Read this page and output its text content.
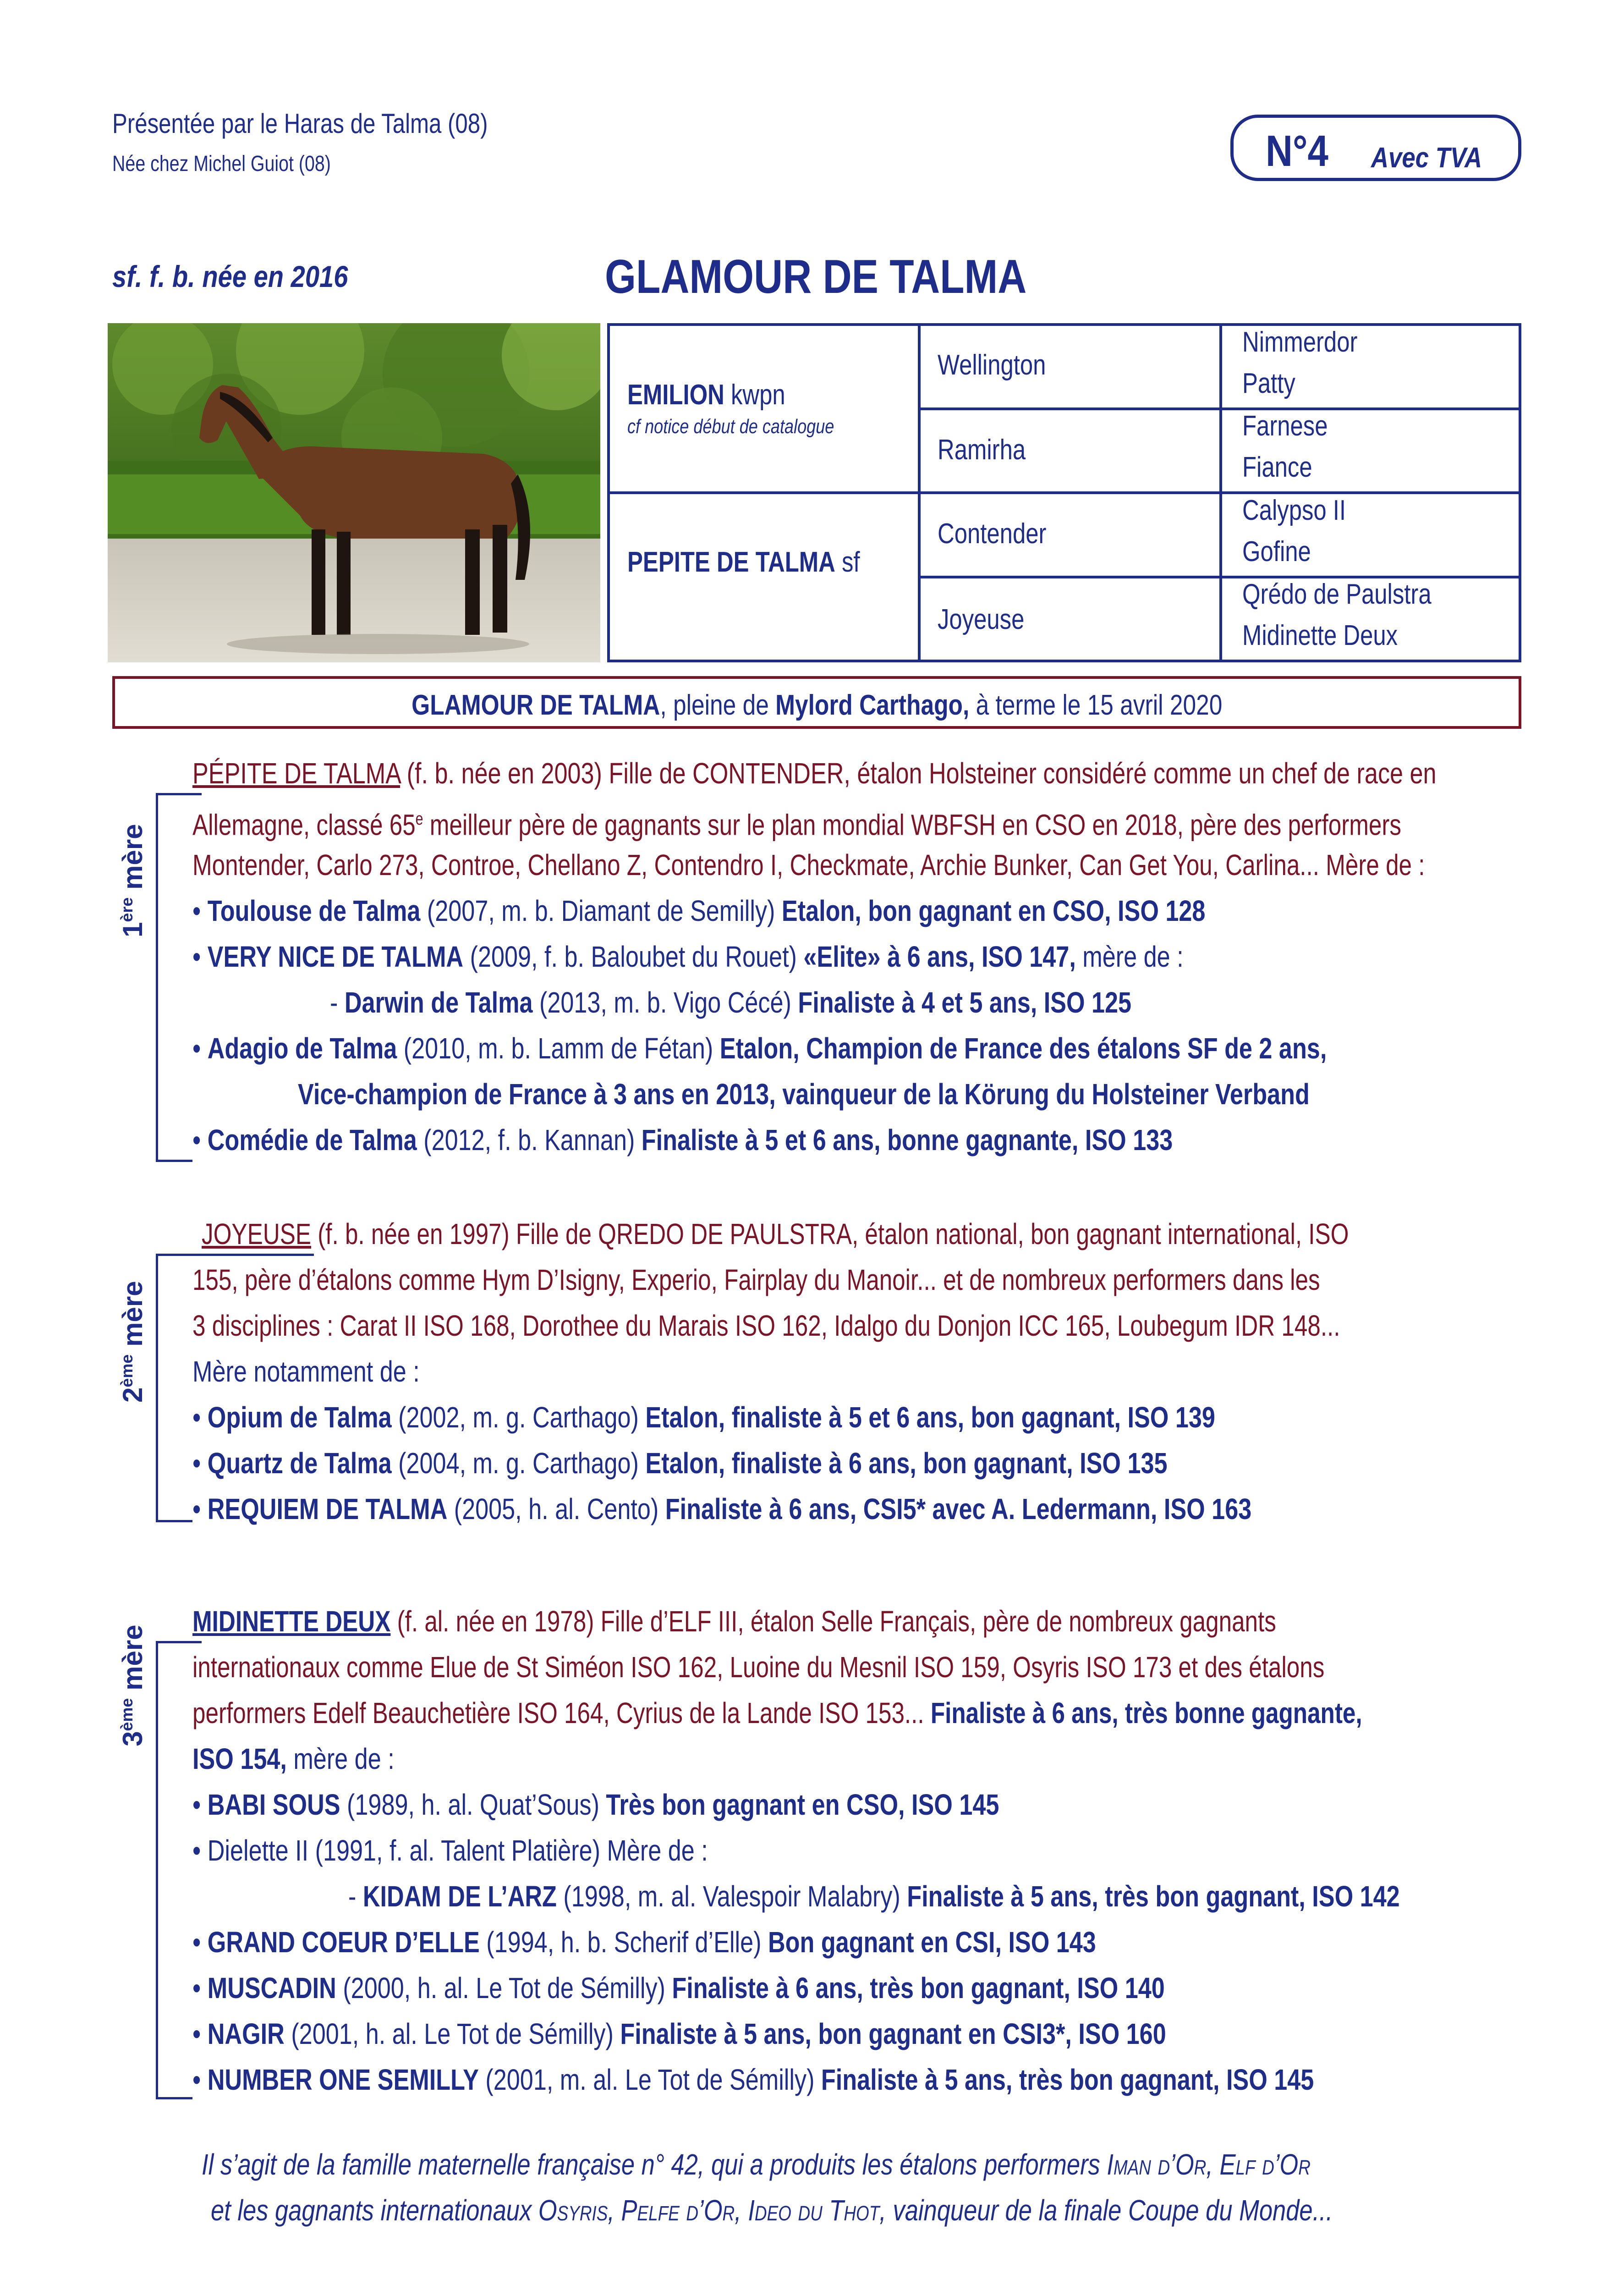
Présentée par le Haras de Talma (08)
Née chez Michel Guiot (08)	N°4 Avec TVA
sf. f. b. née en 2016	GLAMOUR DE TALMA
EMILION kwpn
cf notice début de catalogue
PEPITE DE TALMA sf
Wellington
Ramirha
Contender
Joyeuse
Nimmerdor
Patty
Farnese
Fiance
Calypso II
Gofine
Qrédo de Paulstra
Midinette Deux
GLAMOUR DE TALMA, pleine de Mylord Carthago, à terme le 15 avril 2020
1ère mère
PÉPITE DE TALMA (f. b. née en 2003) Fille de CONTENDER, étalon Holsteiner considéré comme un chef de race en
Allemagne, classé 65e meilleur père de gagnants sur le plan mondial WBFSH en CSO en 2018, père des performers
Montender, Carlo 273, Controe, Chellano Z, Contendro I, Checkmate, Archie Bunker, Can Get You, Carlina... Mère de :
• Toulouse de Talma (2007, m. b. Diamant de Semilly) Etalon, bon gagnant en CSO, ISO 128
• VERY NICE DE TALMA (2009, f. b. Baloubet du Rouet) «Elite» à 6 ans, ISO 147, mère de :
- Darwin de Talma (2013, m. b. Vigo Cécé) Finaliste à 4 et 5 ans, ISO 125
• Adagio de Talma (2010, m. b. Lamm de Fétan) Etalon, Champion de France des étalons SF de 2 ans,
Vice-champion de France à 3 ans en 2013, vainqueur de la Körung du Holsteiner Verband
• Comédie de Talma (2012, f. b. Kannan) Finaliste à 5 et 6 ans, bonne gagnante, ISO 133
2ème mère
JOYEUSE (f. b. née en 1997) Fille de QREDO DE PAULSTRA, étalon national, bon gagnant international, ISO
155, père d’étalons comme Hym D’Isigny, Experio, Fairplay du Manoir... et de nombreux performers dans les
3 disciplines : Carat II ISO 168, Dorothee du Marais ISO 162, Idalgo du Donjon ICC 165, Loubegum IDR 148...
Mère notamment de :
• Opium de Talma (2002, m. g. Carthago) Etalon, finaliste à 5 et 6 ans, bon gagnant, ISO 139
• Quartz de Talma (2004, m. g. Carthago) Etalon, finaliste à 6 ans, bon gagnant, ISO 135
• REQUIEM DE TALMA (2005, h. al. Cento) Finaliste à 6 ans, CSI5* avec A. Ledermann, ISO 163
3ème mère
MIDINETTE DEUX (f. al. née en 1978) Fille d’ELF III, étalon Selle Français, père de nombreux gagnants
internationaux comme Elue de St Siméon ISO 162, Luoine du Mesnil ISO 159, Osyris ISO 173 et des étalons
performers Edelf Beauchetière ISO 164, Cyrius de la Lande ISO 153... Finaliste à 6 ans, très bonne gagnante,
ISO 154, mère de :
• BABI SOUS (1989, h. al. Quat’Sous) Très bon gagnant en CSO, ISO 145
• Dielette II (1991, f. al. Talent Platière) Mère de :
- KIDAM DE L’ARZ (1998, m. al. Valespoir Malabry) Finaliste à 5 ans, très bon gagnant, ISO 142
• GRAND COEUR D’ELLE (1994, h. b. Scherif d’Elle) Bon gagnant en CSI, ISO 143
• MUSCADIN (2000, h. al. Le Tot de Sémilly) Finaliste à 6 ans, très bon gagnant, ISO 140
• NAGIR (2001, h. al. Le Tot de Sémilly) Finaliste à 5 ans, bon gagnant en CSI3*, ISO 160
• NUMBER ONE SEMILLY (2001, m. al. Le Tot de Sémilly) Finaliste à 5 ans, très bon gagnant, ISO 145
Il s’agit de la famille maternelle française n° 42, qui a produits les étalons performers Iman d’Or, Elf d’Or
et les gagnants internationaux Osyris, Pelfe d’Or, Ideo du Thot, vainqueur de la finale Coupe du Monde...
